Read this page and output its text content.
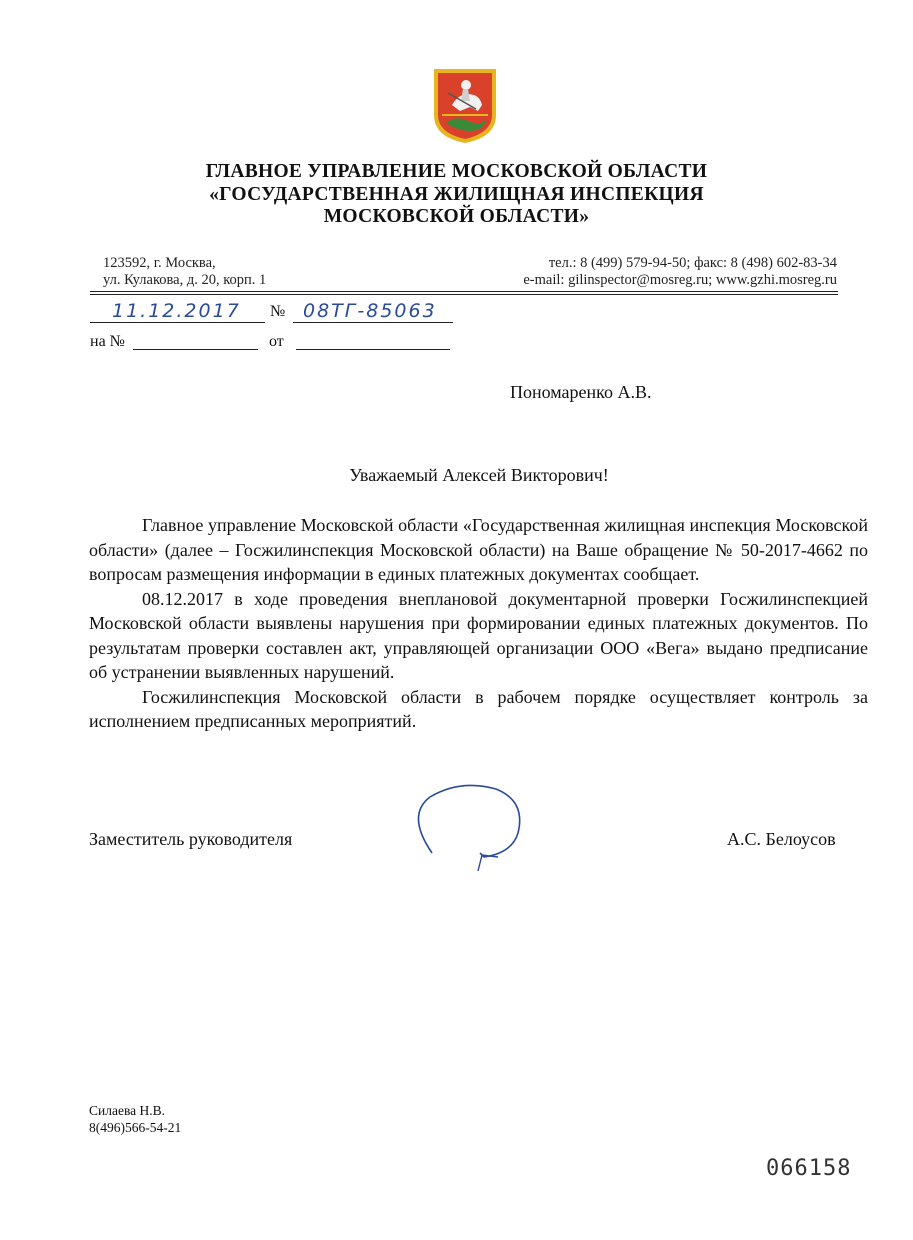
ГЛАВНОЕ УПРАВЛЕНИЕ МОСКОВСКОЙ ОБЛАСТИ
«ГОСУДАРСТВЕННАЯ ЖИЛИЩНАЯ ИНСПЕКЦИЯ
МОСКОВСКОЙ ОБЛАСТИ»
123592, г. Москва,
ул. Кулакова, д. 20, корп. 1
тел.: 8 (499) 579-94-50; факс: 8 (498) 602-83-34
e-mail: gilinspector@mosreg.ru; www.gzhi.mosreg.ru
11.12.2017 № 08ТГ-85063
на №	от
Пономаренко А.В.
Уважаемый Алексей Викторович!

Главное управление Московской области «Государственная жилищная инспекция Московской области» (далее – Госжилинспекция Московской области) на Ваше обращение № 50-2017-4662 по вопросам размещения информации в единых платежных документах сообщает.

08.12.2017 в ходе проведения внеплановой документарной проверки Госжилинспекцией Московской области выявлены нарушения при формировании единых платежных документов. По результатам проверки составлен акт, управляющей организации ООО «Вега» выдано предписание об устранении выявленных нарушений.

Госжилинспекция Московской области в рабочем порядке осуществляет контроль за исполнением предписанных мероприятий.

Заместитель руководителя	А.С. Белоусов
Силаева Н.В.
8(496)566-54-21
066158
